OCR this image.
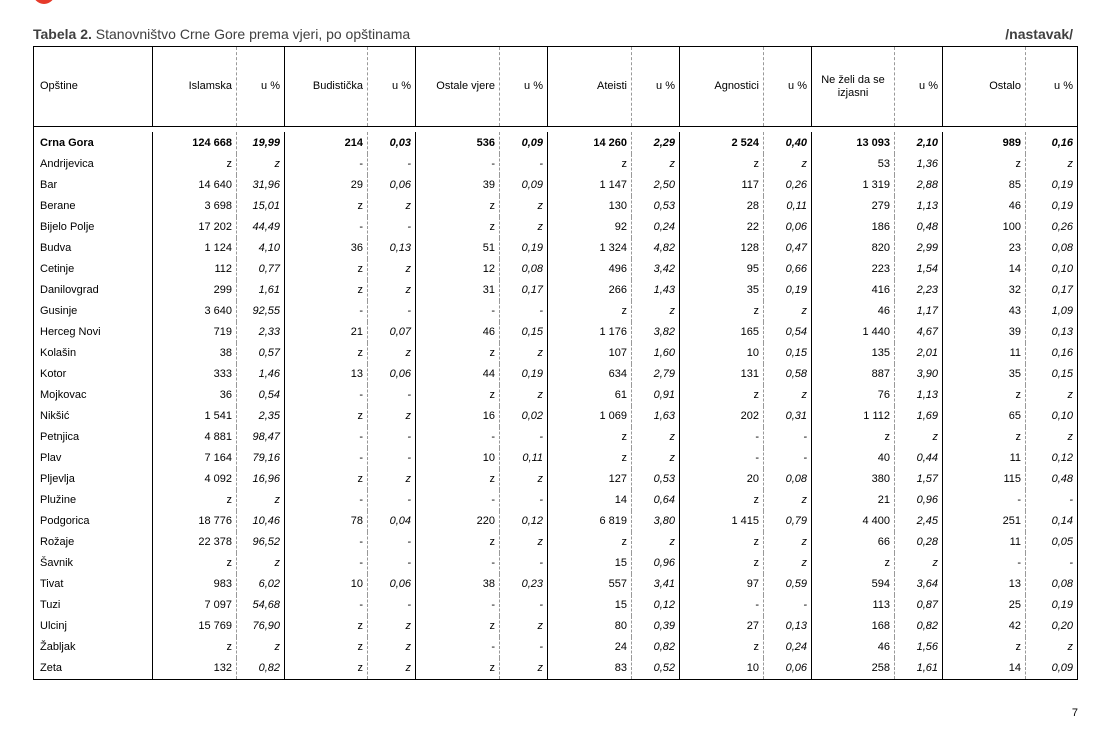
Tabela 2. Stanovništvo Crne Gore prema vjeri, po opštinama	/nastavak/
Opštine	Islamska	u %	Budistička	u %	Ostale vjere	u %	Ateisti	u %	Agnostici	u %	Ne želi da se izjasni	u %	Ostalo	u %

Crna Gora	124 668	19,99	214	0,03	536	0,09	14 260	2,29	2 524	0,40	13 093	2,10	989	0,16
Andrijevica	z	z	-	-	-	-	z	z	z	z	53	1,36	z	z
Bar	14 640	31,96	29	0,06	39	0,09	1 147	2,50	117	0,26	1 319	2,88	85	0,19
Berane	3 698	15,01	z	z	z	z	130	0,53	28	0,11	279	1,13	46	0,19
Bijelo Polje	17 202	44,49	-	-	z	z	92	0,24	22	0,06	186	0,48	100	0,26
Budva	1 124	4,10	36	0,13	51	0,19	1 324	4,82	128	0,47	820	2,99	23	0,08
Cetinje	112	0,77	z	z	12	0,08	496	3,42	95	0,66	223	1,54	14	0,10
Danilovgrad	299	1,61	z	z	31	0,17	266	1,43	35	0,19	416	2,23	32	0,17
Gusinje	3 640	92,55	-	-	-	-	z	z	z	z	46	1,17	43	1,09
Herceg Novi	719	2,33	21	0,07	46	0,15	1 176	3,82	165	0,54	1 440	4,67	39	0,13
Kolašin	38	0,57	z	z	z	z	107	1,60	10	0,15	135	2,01	11	0,16
Kotor	333	1,46	13	0,06	44	0,19	634	2,79	131	0,58	887	3,90	35	0,15
Mojkovac	36	0,54	-	-	z	z	61	0,91	z	z	76	1,13	z	z
Nikšić	1 541	2,35	z	z	16	0,02	1 069	1,63	202	0,31	1 112	1,69	65	0,10
Petnjica	4 881	98,47	-	-	-	-	z	z	-	-	z	z	z	z
Plav	7 164	79,16	-	-	10	0,11	z	z	-	-	40	0,44	11	0,12
Pljevlja	4 092	16,96	z	z	z	z	127	0,53	20	0,08	380	1,57	115	0,48
Plužine	z	z	-	-	-	-	14	0,64	z	z	21	0,96	-	-
Podgorica	18 776	10,46	78	0,04	220	0,12	6 819	3,80	1 415	0,79	4 400	2,45	251	0,14
Rožaje	22 378	96,52	-	-	z	z	z	z	z	z	66	0,28	11	0,05
Šavnik	z	z	-	-	-	-	15	0,96	z	z	z	z	-	-
Tivat	983	6,02	10	0,06	38	0,23	557	3,41	97	0,59	594	3,64	13	0,08
Tuzi	7 097	54,68	-	-	-	-	15	0,12	-	-	113	0,87	25	0,19
Ulcinj	15 769	76,90	z	z	z	z	80	0,39	27	0,13	168	0,82	42	0,20
Žabljak	z	z	z	z	-	-	24	0,82	z	0,24	46	1,56	z	z
Zeta	132	0,82	z	z	z	z	83	0,52	10	0,06	258	1,61	14	0,09
7
